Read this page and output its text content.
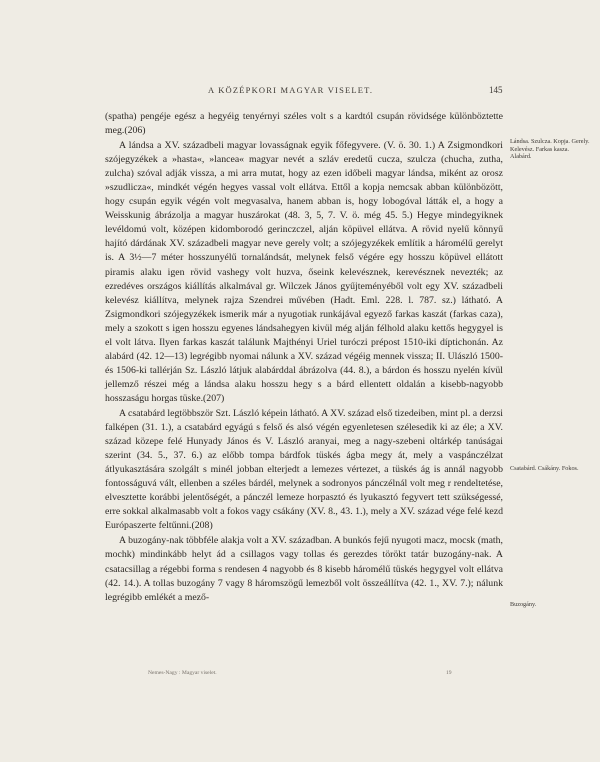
A KÖZÉPKORI MAGYAR VISELET.	145

(spatha) pengéje egész a hegyéig tenyérnyi széles volt s a kardtól csupán rövidsége különböztette meg.(206)

A lándsa a XV. századbeli magyar lovasságnak egyik főfegyvere. (V. ö. 30. 1.) A Zsigmondkori szójegyzékek a »hasta«, »lancea« magyar nevét a szláv eredetű cucza, szulcza (chucha, zutha, zulcha) szóval adják vissza, a mi arra mutat, hogy az ezen időbeli magyar lándsa, miként az orosz »szudlicza«, mindkét végén hegyes vassal volt ellátva. Ettől a kopja nemcsak abban különbözött, hogy csupán egyik végén volt megvasalva, hanem abban is, hogy lobogóval látták el, a hogy a Weisskunig ábrázolja a magyar huszárokat (48. 3, 5, 7. V. ö. még 45. 5.) Hegye mindegyiknek levéldomú volt, középen kidomborodó gerinczczel, alján köpüvel ellátva. A rövid nyelű könnyű hajító dárdának XV. századbeli magyar neve gerely volt; a szójegyzékek említik a háromélű gerelyt is. A 3½—7 méter hosszunyélű tornalándsát, melynek felső végére egy hosszu köpüvel ellátott piramis alaku igen rövid vashegy volt huzva, őseink kelevésznek, kerevésznek nevezték; az ezredéves országos kiállítás alkalmával gr. Wilczek János gyűjteményéből volt egy XV. századbeli kelevész kiállítva, melynek rajza Szendrei művében (Hadt. Eml. 228. l. 787. sz.) látható. A Zsigmondkori szójegyzékek ismerik már a nyugotiak runkájával egyező farkas kaszát (farkas caza), mely a szokott s igen hosszu egyenes lándsahegyen kivül még alján félhold alaku kettős hegygyel is el volt látva. Ilyen farkas kaszát találunk Majthényi Uriel turóczi prépost 1510-iki díptichonán. Az alabárd (42. 12—13) legrégibb nyomai nálunk a XV. század végéig mennek vissza; II. Ulászló 1500- és 1506-ki tallérján Sz. László látjuk alabárddal ábrázolva (44. 8.), a bárdon és hosszu nyelén kívül jellemző részei még a lándsa alaku hosszu hegy s a bárd ellentett oldalán a kisebb-nagyobb hosszaságu horgas tüske.(207)

A csatabárd legtöbbször Szt. László képein látható. A XV. század első tizedeiben, mint pl. a derzsi falképen (31. 1.), a csatabárd egyágú s felső és alsó végén egyenletesen szélesedik ki az éle; a XV. század közepe felé Hunyady János és V. László aranyai, meg a nagy-szebeni oltárkép tanúságai szerint (34. 5., 37. 6.) az előbb tompa bárdfok tüskés ágba megy át, mely a vaspánczélzat átlyukasztására szolgált s minél jobban elterjedt a lemezes vértezet, a tüskés ág is annál nagyobb fontosságuvá vált, ellenben a széles bárdél, melynek a sodronyos pánczélnál volt meg r rendeltetése, elvesztette korábbi jelentőségét, a pánczél lemeze horpasztó és lyukasztó fegyvert tett szükségessé, erre sokkal alkalmasabb volt a fokos vagy csákány (XV. 8., 43. 1.), mely a XV. század vége felé kezd Európaszerte feltűnni.(208)

A buzogány-nak többféle alakja volt a XV. században. A bunkós fejű nyugoti macz, mocsk (math, mochk) mindinkább helyt ád a csillagos vagy tollas és gerezdes törökt tatár buzogány-nak. A csatacsillag a régebbi forma s rendesen 4 nagyobb és 8 kisebb háromélű tüskés hegygyel volt ellátva (42. 14.). A tollas buzogány 7 vagy 8 háromszögű lemezből volt összeállítva (42. 1., XV. 7.); nálunk legrégibb emlékét a mező-

Lándsa. Szulcza. Kopja. Gerely. Kelevész. Farkas kasza. Alabárd.
Csatabárd. Csákány. Fokos.
Buzogány.
Nemes-Nagy : Magyar viselet.	19
